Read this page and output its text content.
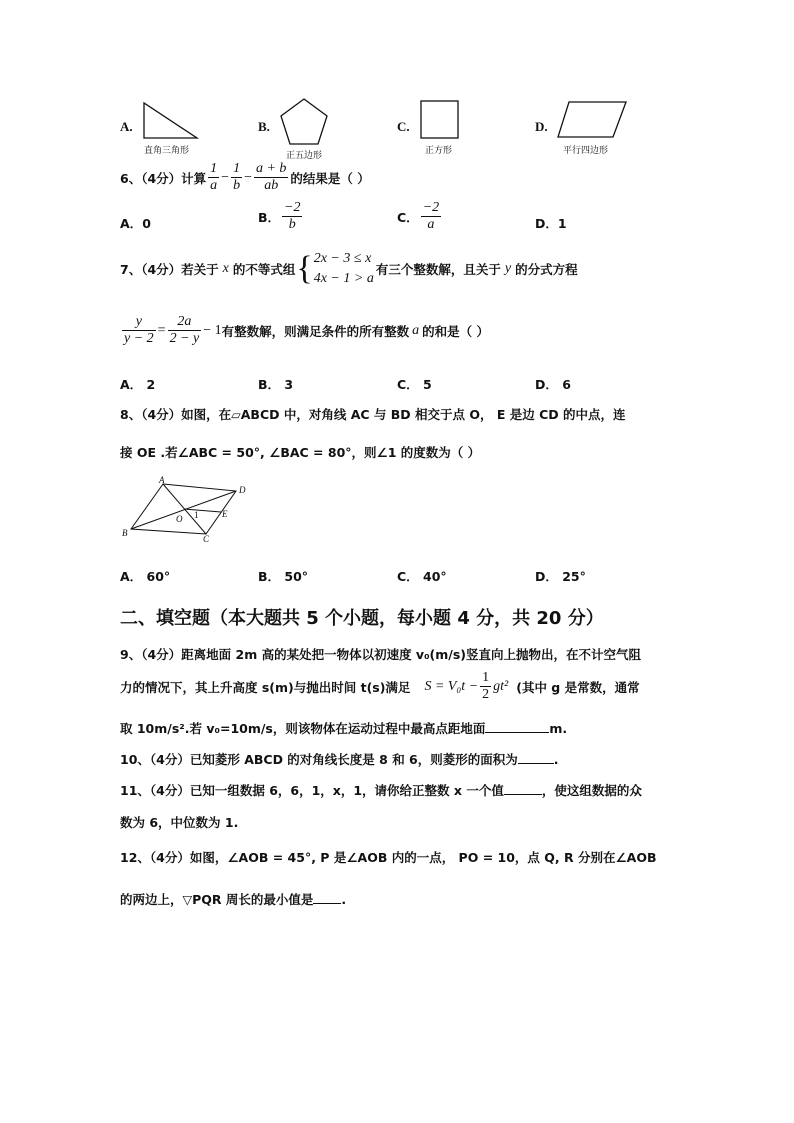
A.
直角三角形
B.
正五边形
C.
正方形
D.
平行四边形
6、（4分）计算 $\frac{1}{a} - \frac{1}{b} - \frac{a + b}{ab}$ 的结果是（ ）
A．0	B． $\frac{-2}{b}$	C． $\frac{-2}{a}$	D．1
7、（4分）若关于 x 的不等式组 { 2x − 3 ≤ x
4x − 1 > a
有三个整数解，且关于 y 的分式方程
$\frac{y}{y - 2} = \frac{2a}{2 - y} - 1$ 有整数解，则满足条件的所有整数 a 的和是（ ）
A． 2	B． 3	C． 5	D． 6
8、（4分）如图，在▱ABCD 中，对角线 AC 与 BD 相交于点 O， E 是边 CD 的中点，连
接 OE .若∠ABC = 50°, ∠BAC = 80°，则∠1 的度数为（ ）
A
D
B
C
O	E
1
A． 60°	B． 50°	C． 40°	D． 25°
二、填空题（本大题共 5 个小题，每小题 4 分，共 20 分）
9、（4分）距离地面 2m 高的某处把一物体以初速度 v₀(m/s)竖直向上抛物出，在不计空气阻
力的情况下，其上升高度 s(m)与抛出时间 t(s)满足 $S = V_0t - \frac{1}{2} gt^2$ (其中 g 是常数，通常
取 10m/s².若 v₀=10m/s，则该物体在运动过程中最高点距地面	m.
10、（4分）已知菱形 ABCD 的对角线长度是 8 和 6，则菱形的面积为	.
11、（4分）已知一组数据 6，6，1，x，1，请你给正整数 x 一个值	，使这组数据的众
数为 6，中位数为 1.
12、（4分）如图，∠AOB = 45°, P 是∠AOB 内的一点， PO = 10，点 Q, R 分别在∠AOB
的两边上，▽PQR 周长的最小值是 .
